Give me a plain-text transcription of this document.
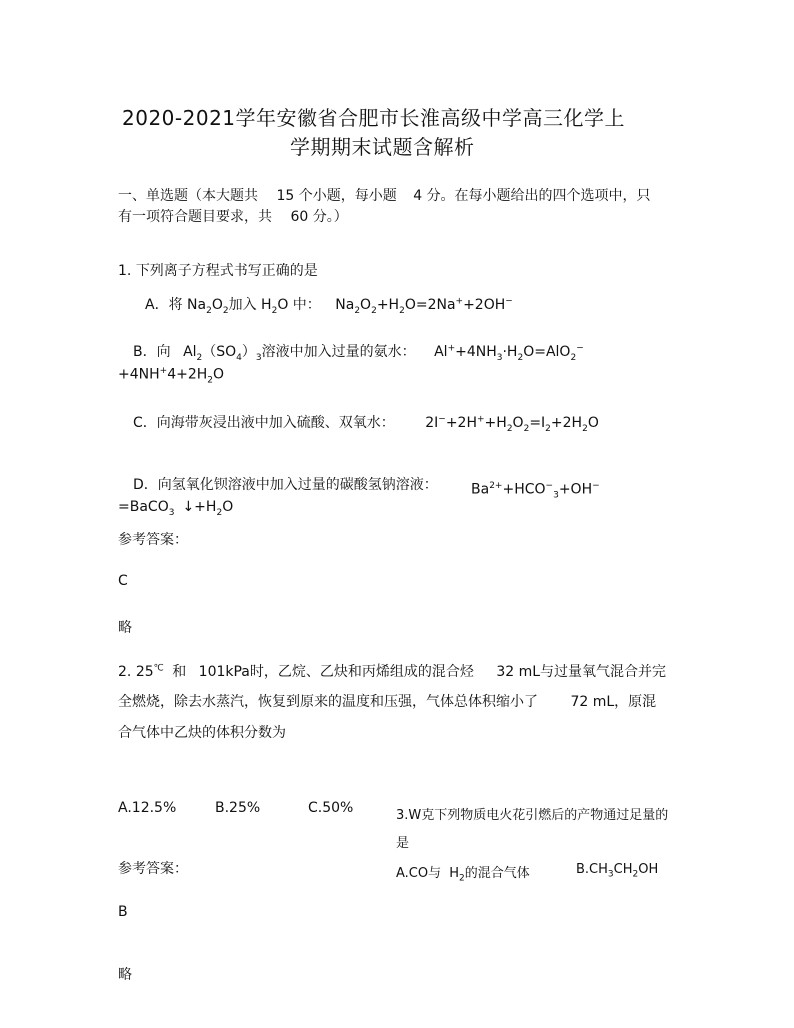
2020-2021学年安徽省合肥市长淮高级中学高三化学上
学期期末试题含解析
一、单选题（本大题共 15 个小题，每小题 4 分。在每小题给出的四个选项中，只
有一项符合题目要求，共 60 分。）
1. 下列离子方程式书写正确的是
A．将 $Na_2O_2$加入 $H_2O$ 中： $Na_2O_2+H_2O=2Na^++2OH^-$
B．向 $Al_2(SO_4)_3$溶液中加入过量的氨水： $Al^++4NH_3\cdot H_2O=AlO_2^-$
$+4NH^+4+2H_2O$
C．向海带灰浸出液中加入硫酸、双氧水： $2I^-+2H^++H_2O_2=I_2+2H_2O$
D．向氢氧化钡溶液中加入过量的碳酸氢钠溶液： $Ba^{2+}+HCO^-_3+OH^-$
=BaCO$_3$ $↓+H_2O$
参考答案：
C
略
2. 25℃ 和 101kPa时，乙烷、乙炔和丙烯组成的混合烃 32 mL与过量氧气混合并完
全燃烧，除去水蒸汽，恢复到原来的温度和压强，气体总体积缩小了 72 mL，原混
合气体中乙炔的体积分数为
A.12.5%	B.25%	C.50%
参考答案：
B
略
3.W克下列物质电火花引燃后的产物通过足量的
是
A.CO与 $H_2$的混合气体	$B.CH_3CH_2OH$
